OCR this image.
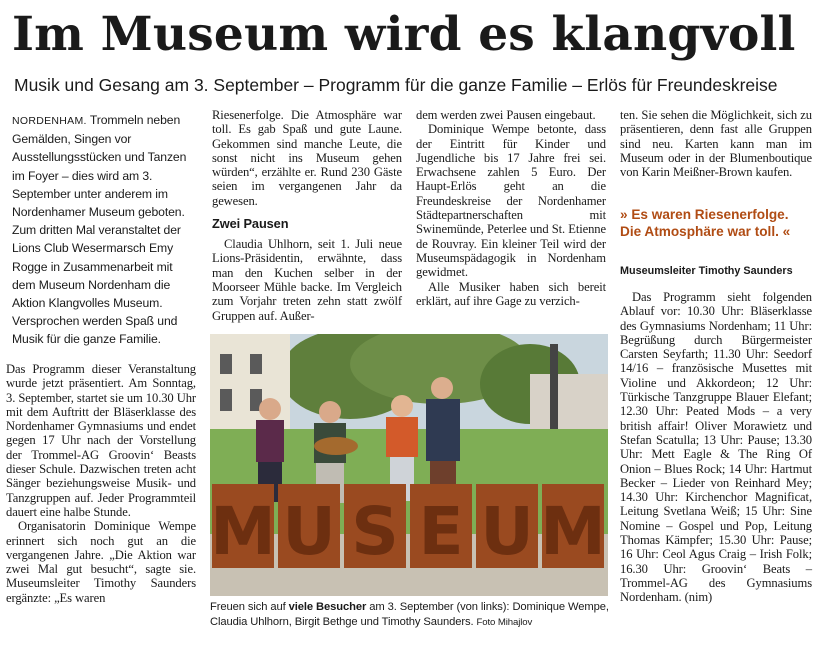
Im Museum wird es klangvoll
Musik und Gesang am 3. September – Programm für die ganze Familie – Erlös für Freundeskreise
NORDENHAM. Trommeln neben Gemälden, Singen vor Ausstellungsstücken und Tanzen im Foyer – dies wird am 3. September unter anderem im Nordenhamer Museum geboten. Zum dritten Mal veranstaltet der Lions Club Wesermarsch Emy Rogge in Zusammenarbeit mit dem Museum Nordenham die Aktion Klangvolles Museum. Versprochen werden Spaß und Musik für die ganze Familie.

Das Programm dieser Veranstaltung wurde jetzt präsentiert. Am Sonntag, 3. September, startet sie um 10.30 Uhr mit dem Auftritt der Bläserklasse des Nordenhamer Gymnasiums und endet gegen 17 Uhr nach der Vorstellung der Trommel-AG Groovin‘ Beasts dieser Schule. Dazwischen treten acht Sänger beziehungsweise Musik- und Tanzgruppen auf. Jeder Programmteil dauert eine halbe Stunde.

Organisatorin Dominique Wempe erinnert sich noch gut an die vergangenen Jahre. „Die Aktion war zwei Mal gut besucht“, sagte sie. Museumsleiter Timothy Saunders ergänzte: „Es waren

Riesenerfolge. Die Atmosphäre war toll. Es gab Spaß und gute Laune. Gekommen sind manche Leute, die sonst nicht ins Museum gehen würden“, erzählte er. Rund 230 Gäste seien im vergangenen Jahr da gewesen.

Zwei Pausen

Claudia Uhlhorn, seit 1. Juli neue Lions-Präsidentin, erwähnte, dass man den Kuchen selber in der Moorseer Mühle backe. Im Vergleich zum Vorjahr treten zehn statt zwölf Gruppen auf. Außer-

dem werden zwei Pausen eingebaut.

Dominique Wempe betonte, dass der Eintritt für Kinder und Jugendliche bis 17 Jahre frei sei. Erwachsene zahlen 5 Euro. Der Haupt-Erlös geht an die Freundeskreise der Nordenhamer Städtepartnerschaften mit Swinemünde, Peterlee und St. Etienne de Rouvray. Ein kleiner Teil wird der Museumspädagogik in Nordenham gewidmet.

Alle Musiker haben sich bereit erklärt, auf ihre Gage zu verzich-

ten. Sie sehen die Möglichkeit, sich zu präsentieren, denn fast alle Gruppen sind neu. Karten kann man im Museum oder in der Blumenboutique von Karin Meißner-Brown kaufen.

» Es waren Riesenerfolge. Die Atmosphäre war toll. «
Museumsleiter Timothy Saunders

Das Programm sieht folgenden Ablauf vor: 10.30 Uhr: Bläserklasse des Gymnasiums Nordenham; 11 Uhr: Begrüßung durch Bürgermeister Carsten Seyfarth; 11.30 Uhr: Seedorf 14/16 – französische Musettes mit Violine und Akkordeon; 12 Uhr: Türkische Tanzgruppe Blauer Elefant; 12.30 Uhr: Peated Mods – a very british affair! Oliver Morawietz und Stefan Scatulla; 13 Uhr: Pause; 13.30 Uhr: Mett Eagle & The Ring Of Onion – Blues Rock; 14 Uhr: Hartmut Becker – Lieder von Reinhard Mey; 14.30 Uhr: Kirchenchor Magnificat, Leitung Svetlana Weiß; 15 Uhr: Sine Nomine – Gospel und Pop, Leitung Thomas Kämpfer; 15.30 Uhr: Pause; 16 Uhr: Ceol Agus Craig – Irish Folk; 16.30 Uhr: Groovin‘ Beats – Trommel-AG des Gymnasiums Nordenham. (nim)

M U S E U M
Freuen sich auf viele Besucher am 3. September (von links): Dominique Wempe, Claudia Uhlhorn, Birgit Bethge und Timothy Saunders. Foto Mihajlov
